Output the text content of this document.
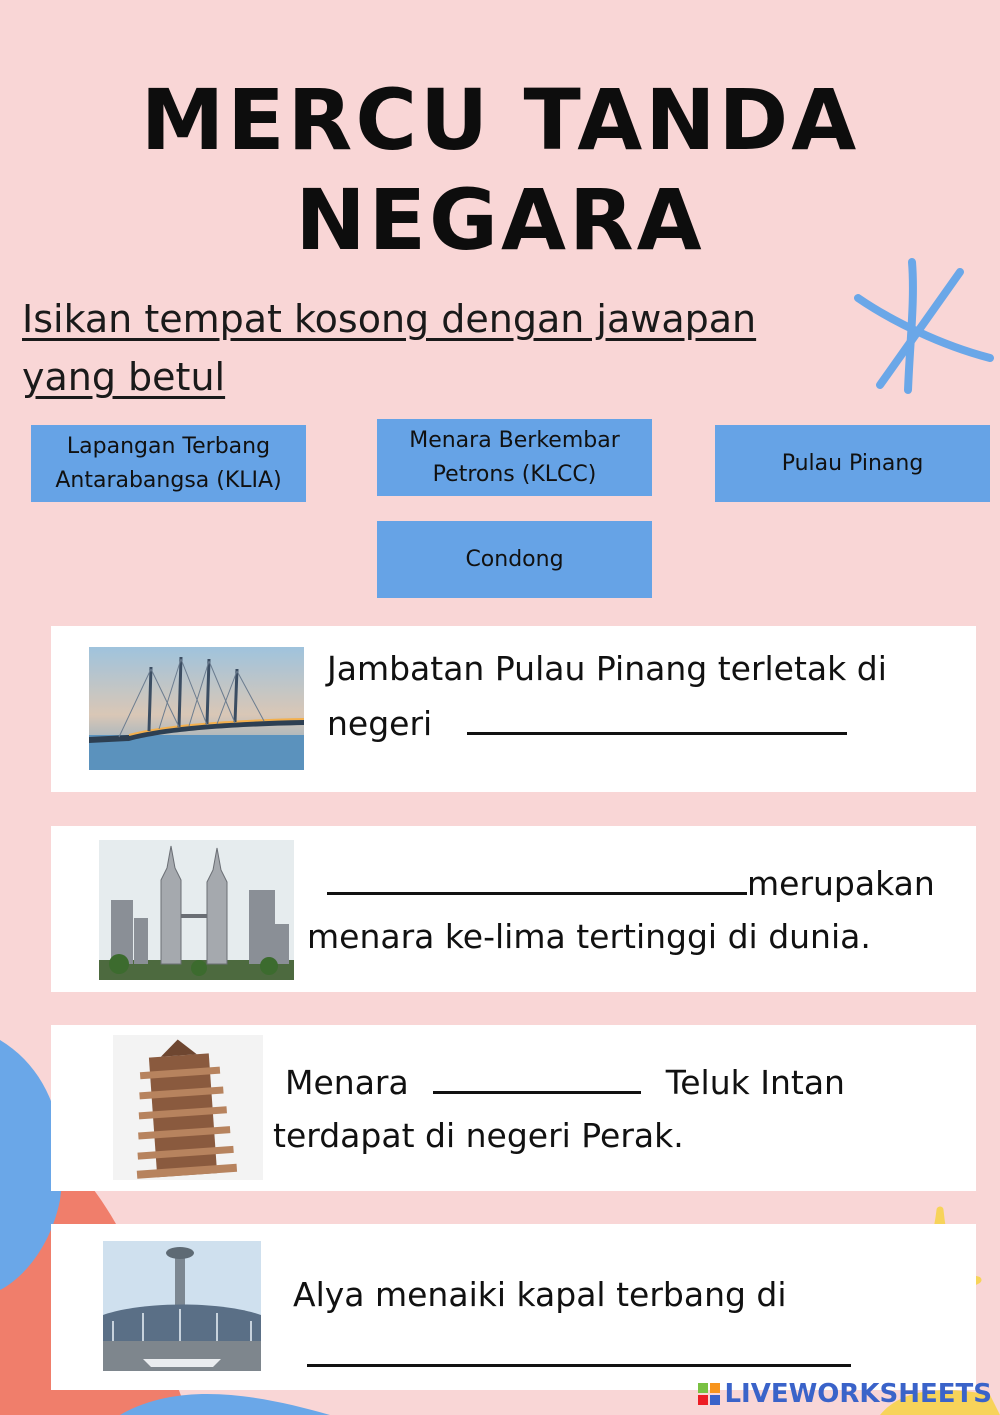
MERCU TANDA
NEGARA
Isikan tempat kosong dengan jawapan yang betul
Lapangan Terbang Antarabangsa (KLIA)
Menara Berkembar Petrons (KLCC)	Pulau Pinang
Condong
Jambatan Pulau Pinang terletak di
negeri
merupakan
menara ke-lima tertinggi di dunia.
Menara	Teluk Intan
terdapat di negeri Perak.
Alya menaiki kapal terbang di
LIVEWORKSHEETS
